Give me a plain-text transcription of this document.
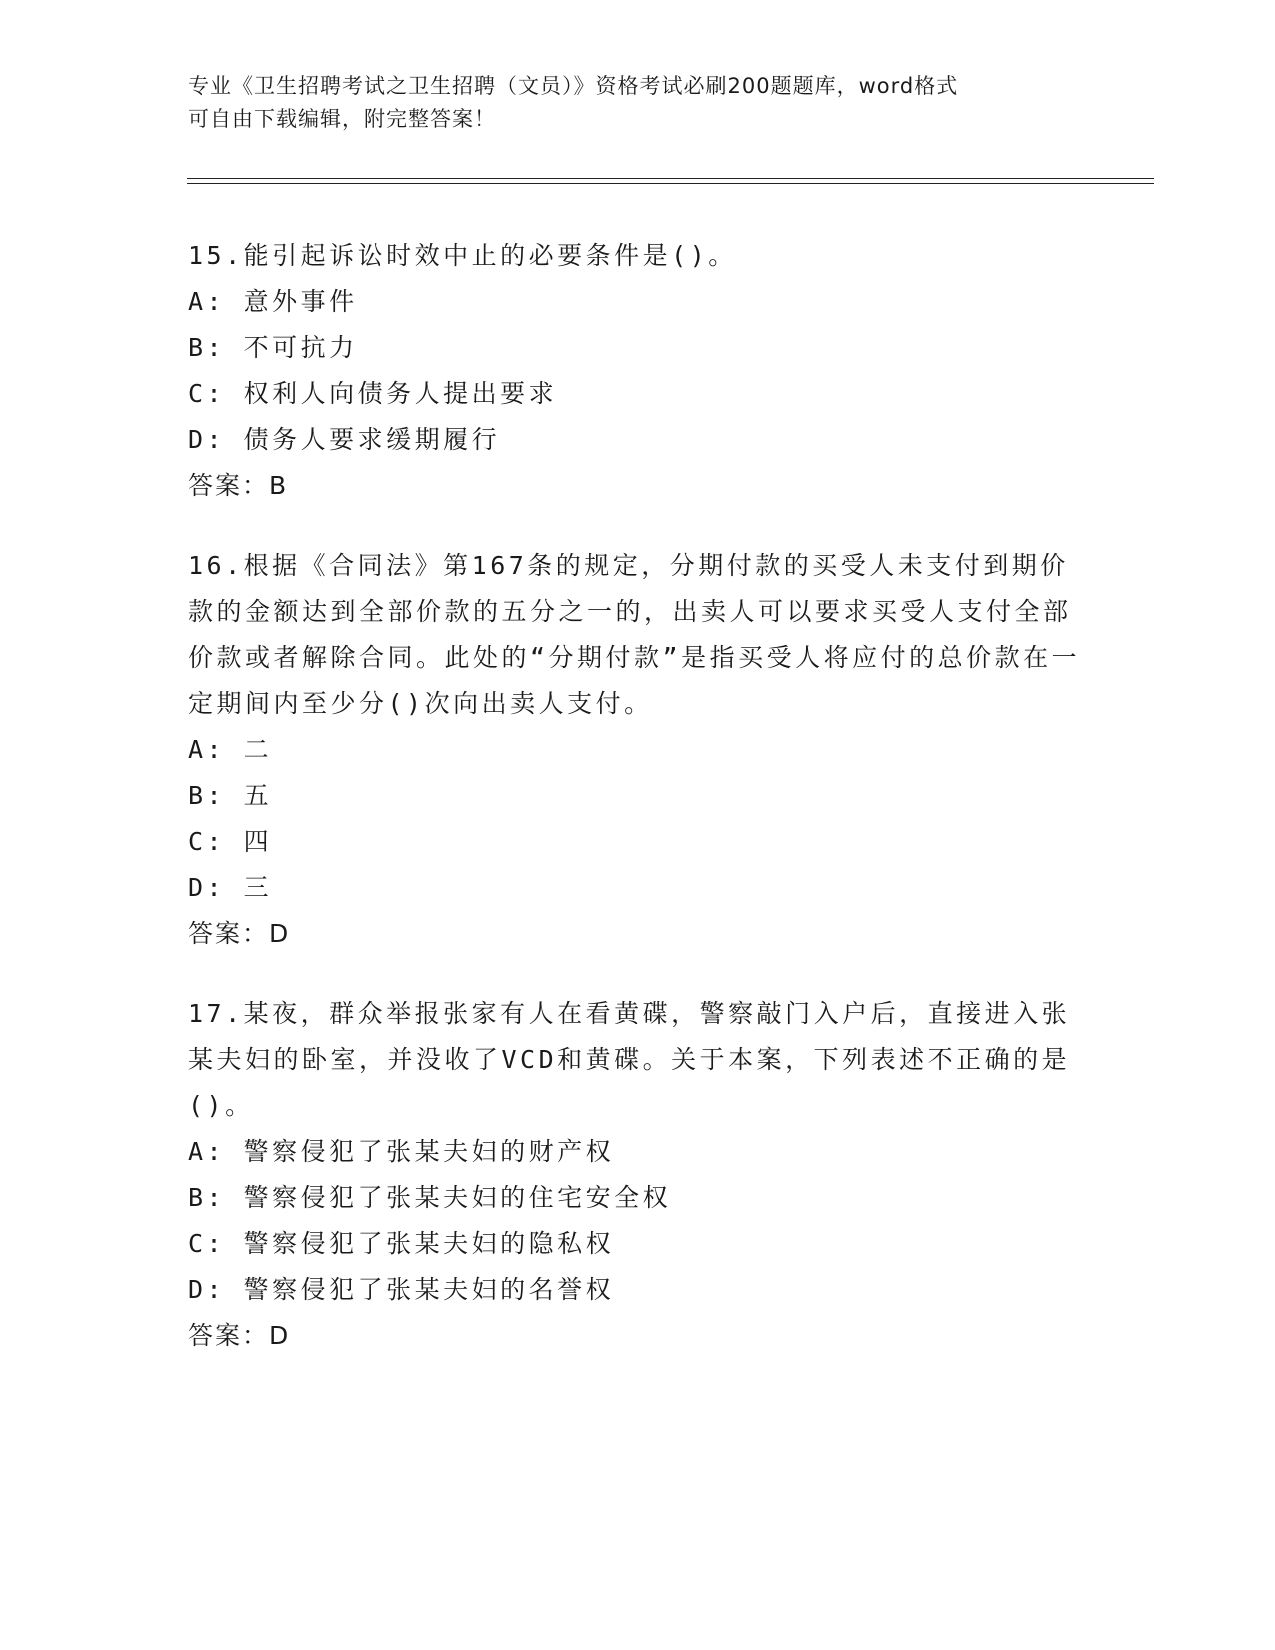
专业《卫生招聘考试之卫生招聘（文员）》资格考试必刷200题题库，word格式
可自由下载编辑，附完整答案！
15.能引起诉讼时效中止的必要条件是()。
A: 意外事件
B: 不可抗力
C: 权利人向债务人提出要求
D: 债务人要求缓期履行
答案：B
16.根据《合同法》第167条的规定，分期付款的买受人未支付到期价款的金额达到全部价款的五分之一的，出卖人可以要求买受人支付全部价款或者解除合同。此处的“分期付款”是指买受人将应付的总价款在一定期间内至少分()次向出卖人支付。
A: 二
B: 五
C: 四
D: 三
答案：D
17.某夜，群众举报张家有人在看黄碟，警察敲门入户后，直接进入张某夫妇的卧室，并没收了VCD和黄碟。关于本案，下列表述不正确的是()。
A: 警察侵犯了张某夫妇的财产权
B: 警察侵犯了张某夫妇的住宅安全权
C: 警察侵犯了张某夫妇的隐私权
D: 警察侵犯了张某夫妇的名誉权
答案：D
